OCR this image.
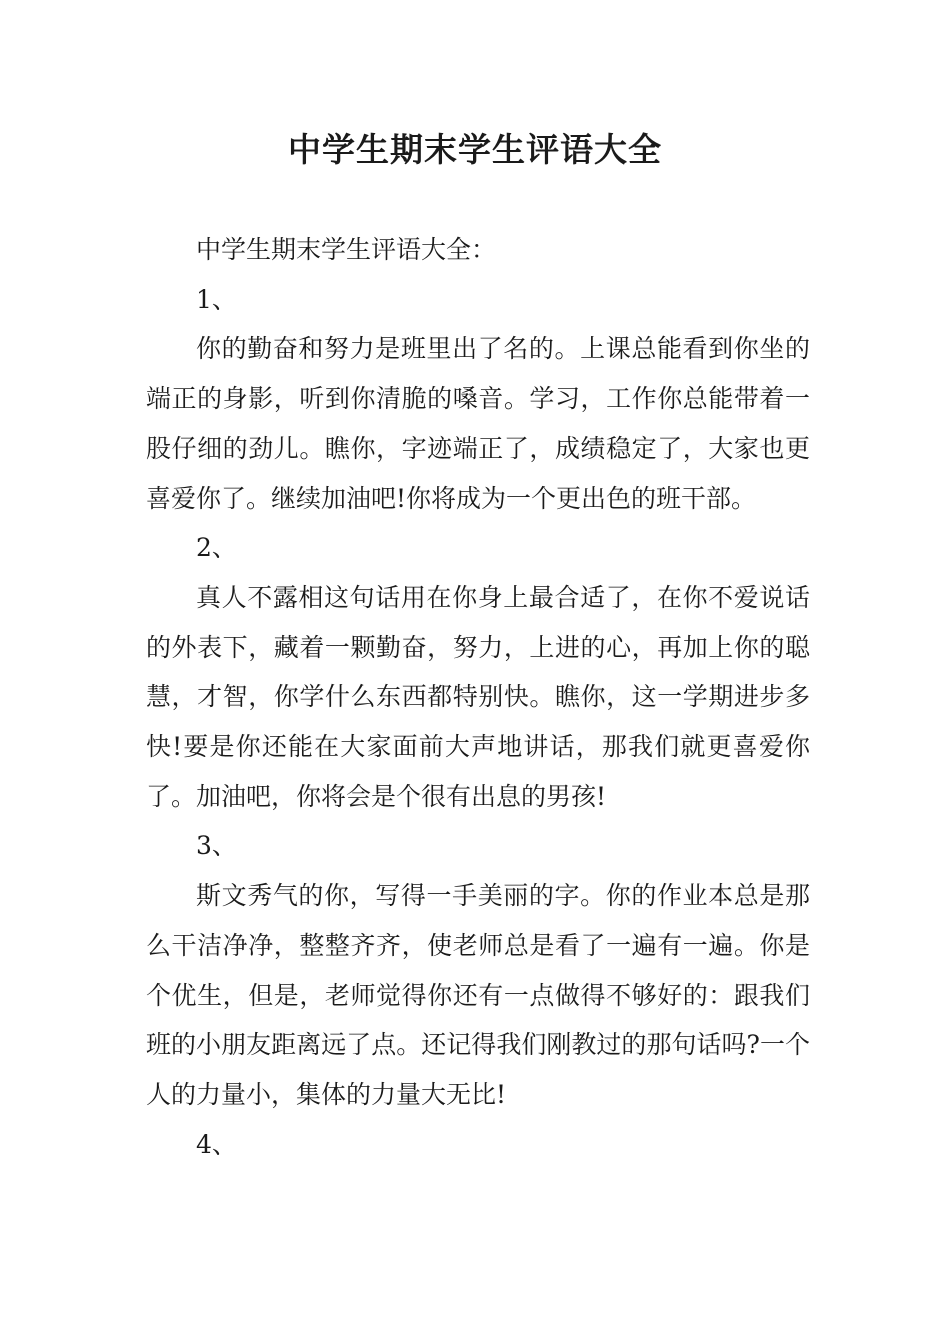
中学生期末学生评语大全

中学生期末学生评语大全：

1、

你的勤奋和努力是班里出了名的。上课总能看到你坐的端正的身影，听到你清脆的嗓音。学习，工作你总能带着一股仔细的劲儿。瞧你，字迹端正了，成绩稳定了，大家也更喜爱你了。继续加油吧!你将成为一个更出色的班干部。

2、

真人不露相这句话用在你身上最合适了，在你不爱说话的外表下，藏着一颗勤奋，努力，上进的心，再加上你的聪慧，才智，你学什么东西都特别快。瞧你，这一学期进步多快!要是你还能在大家面前大声地讲话，那我们就更喜爱你了。加油吧，你将会是个很有出息的男孩!

3、

斯文秀气的你，写得一手美丽的字。你的作业本总是那么干洁净净，整整齐齐，使老师总是看了一遍有一遍。你是个优生，但是，老师觉得你还有一点做得不够好的：跟我们班的小朋友距离远了点。还记得我们刚教过的那句话吗?一个人的力量小，集体的力量大无比!

4、
